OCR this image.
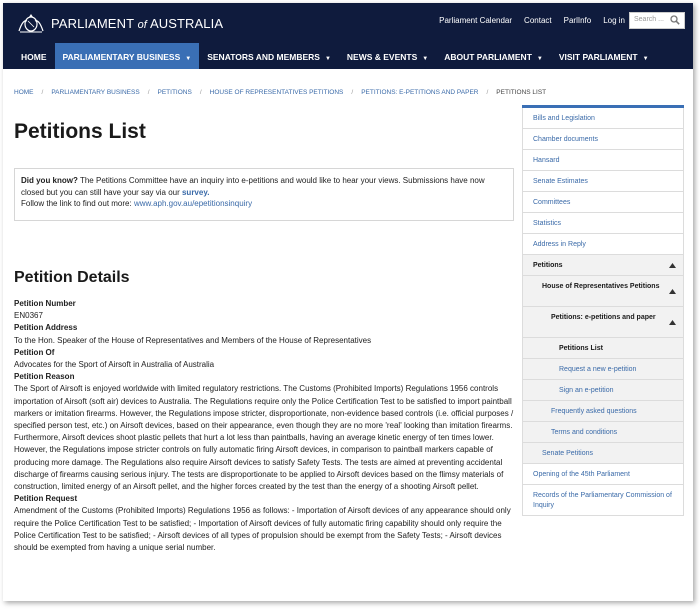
PARLIAMENT of AUSTRALIA	Parliament Calendar Contact ParlInfo Log in	Search ...
HOME	PARLIAMENTARY BUSINESS ▼	SENATORS AND MEMBERS ▼	NEWS & EVENTS ▼	ABOUT PARLIAMENT ▼	VISIT PARLIAMENT ▼
HOME / PARLIAMENTARY BUSINESS / PETITIONS / HOUSE OF REPRESENTATIVES PETITIONS / PETITIONS: E-PETITIONS AND PAPER / PETITIONS LIST
Petitions List
Did you know? The Petitions Committee have an inquiry into e-petitions and would like to hear your views. Submissions have now closed but you can still have your say via our survey.
Follow the link to find out more: www.aph.gov.au/epetitionsinquiry
Petition Details
Petition Number
EN0367
Petition Address
To the Hon. Speaker of the House of Representatives and Members of the House of Representatives
Petition Of
Advocates for the Sport of Airsoft in Australia of Australia
Petition Reason
The Sport of Airsoft is enjoyed worldwide with limited regulatory restrictions. The Customs (Prohibited Imports) Regulations 1956 controls importation of Airsoft (soft air) devices to Australia. The Regulations require only the Police Certification Test to be satisfied to import paintball markers or imitation firearms. However, the Regulations impose stricter, disproportionate, non-evidence based controls (i.e. official purposes / specified person test, etc.) on Airsoft devices, based on their appearance, even though they are no more 'real' looking than imitation firearms. Furthermore, Airsoft devices shoot plastic pellets that hurt a lot less than paintballs, having an average kinetic energy of ten times lower. However, the Regulations impose stricter controls on fully automatic firing Airsoft devices, in comparison to paintball markers capable of producing more damage. The Regulations also require Airsoft devices to satisfy Safety Tests. The tests are aimed at preventing accidental discharge of firearms causing serious injury. The tests are disproportionate to be applied to Airsoft devices based on the flimsy materials of construction, limited energy of an Airsoft pellet, and the higher forces created by the test than the energy of a shooting Airsoft pellet.
Petition Request
Amendment of the Customs (Prohibited Imports) Regulations 1956 as follows: - Importation of Airsoft devices of any appearance should only require the Police Certification Test to be satisfied; - Importation of Airsoft devices of fully automatic firing capability should only require the Police Certification Test to be satisfied; - Airsoft devices of all types of propulsion should be exempt from the Safety Tests; - Airsoft devices should be exempted from having a unique serial number.
Bills and Legislation
Chamber documents
Hansard
Senate Estimates
Committees
Statistics
Address in Reply
Petitions
House of Representatives Petitions
Petitions: e-petitions and paper
Petitions List
Request a new e-petition
Sign an e-petition
Frequently asked questions
Terms and conditions
Senate Petitions
Opening of the 45th Parliament
Records of the Parliamentary Commission of Inquiry
